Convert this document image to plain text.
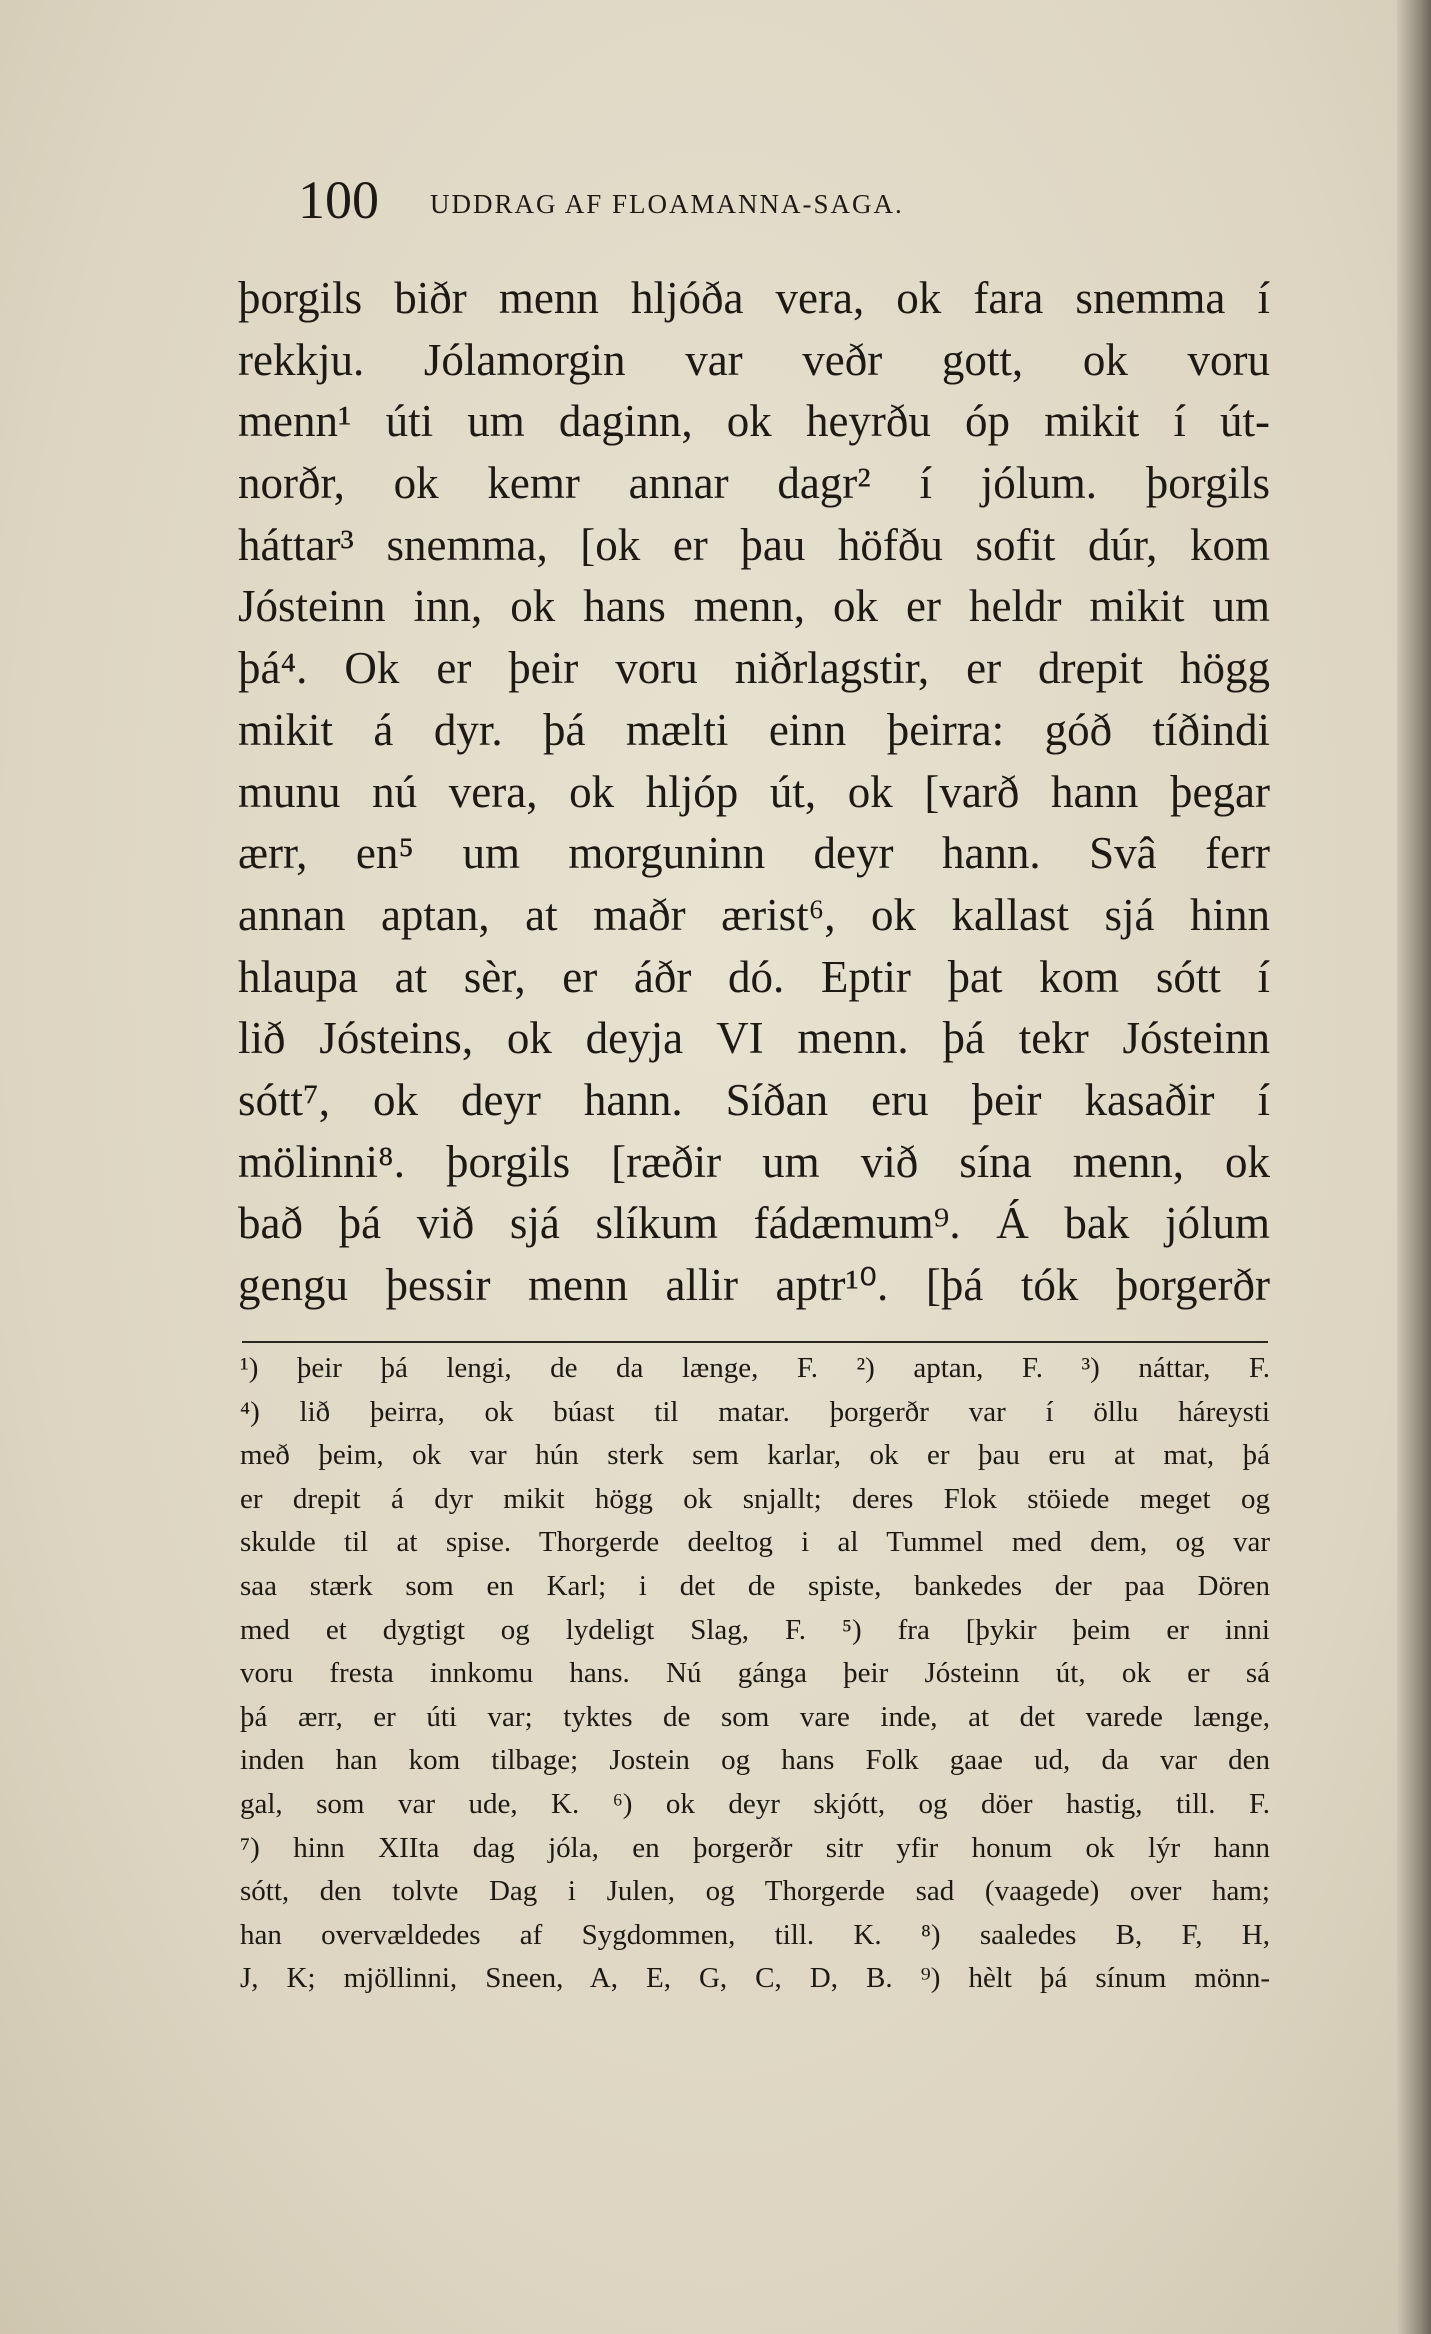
100 UDDRAG AF FLOAMANNA-SAGA.
þorgils biðr menn hljóða vera, ok fara snemma í
rekkju. Jólamorgin var veðr gott, ok voru
menn¹ úti um daginn, ok heyrðu óp mikit í út-
norðr, ok kemr annar dagr² í jólum. þorgils
háttar³ snemma, [ok er þau höfðu sofit dúr, kom
Jósteinn inn, ok hans menn, ok er heldr mikit um
þá⁴. Ok er þeir voru niðrlagstir, er drepit högg
mikit á dyr. þá mælti einn þeirra: góð tíðindi
munu nú vera, ok hljóp út, ok [varð hann þegar
ærr, en⁵ um morguninn deyr hann. Svâ ferr
annan aptan, at maðr ærist⁶, ok kallast sjá hinn
hlaupa at sèr, er áðr dó. Eptir þat kom sótt í
lið Jósteins, ok deyja VI menn. þá tekr Jósteinn
sótt⁷, ok deyr hann. Síðan eru þeir kasaðir í
mölinni⁸. þorgils [ræðir um við sína menn, ok
bað þá við sjá slíkum fádæmum⁹. Á bak jólum
gengu þessir menn allir aptr¹⁰. [þá tók þorgerðr
¹) þeir þá lengi, de da længe, F. ²) aptan, F. ³) náttar, F.
⁴) lið þeirra, ok búast til matar. þorgerðr var í öllu háreysti
með þeim, ok var hún sterk sem karlar, ok er þau eru at mat, þá
er drepit á dyr mikit högg ok snjallt; deres Flok stöiede meget og
skulde til at spise. Thorgerde deeltog i al Tummel med dem, og var
saa stærk som en Karl; i det de spiste, bankedes der paa Dören
med et dygtigt og lydeligt Slag, F. ⁵) fra [þykir þeim er inni
voru fresta innkomu hans. Nú gánga þeir Jósteinn út, ok er sá
þá ærr, er úti var; tyktes de som vare inde, at det varede længe,
inden han kom tilbage; Jostein og hans Folk gaae ud, da var den
gal, som var ude, K. ⁶) ok deyr skjótt, og döer hastig, till. F.
⁷) hinn XIIta dag jóla, en þorgerðr sitr yfir honum ok lýr hann
sótt, den tolvte Dag i Julen, og Thorgerde sad (vaagede) over ham;
han overvældedes af Sygdommen, till. K. ⁸) saaledes B, F, H,
J, K; mjöllinni, Sneen, A, E, G, C, D, B. ⁹) hèlt þá sínum mönn-
